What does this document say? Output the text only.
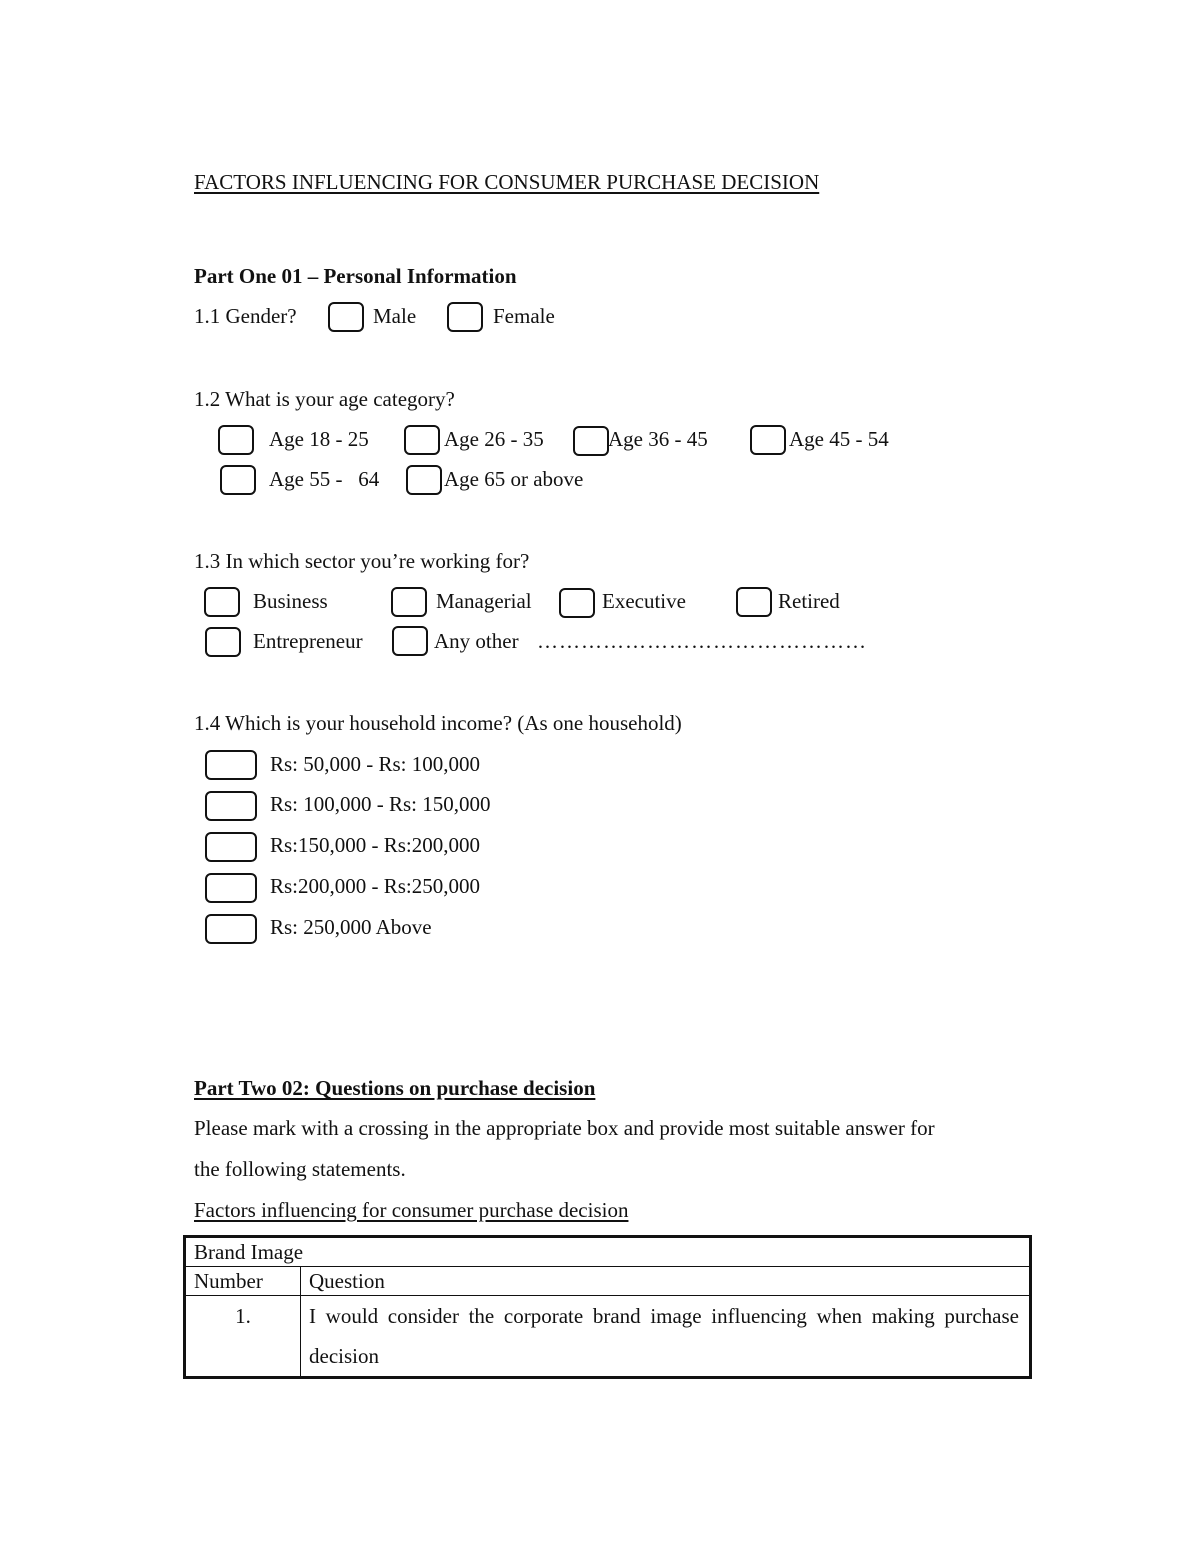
FACTORS INFLUENCING FOR CONSUMER PURCHASE DECISION
Part One 01 – Personal Information
1.1 Gender?	Male	Female
1.2 What is your age category?
Age 18 - 25	Age 26 - 35	Age 36 - 45	Age 45 - 54
Age 55 -   64	Age 65 or above
1.3 In which sector you’re working for?
Business	Managerial	Executive	Retired
Entrepreneur	Any other ………………………………………
1.4 Which is your household income? (As one household)
Rs: 50,000 - Rs: 100,000
Rs: 100,000 - Rs: 150,000
Rs:150,000 - Rs:200,000
Rs:200,000 - Rs:250,000
Rs: 250,000 Above
Part Two 02: Questions on purchase decision
Please mark with a crossing in the appropriate box and provide most suitable answer for
the following statements.
Factors influencing for consumer purchase decision
Brand Image	
Number	Question
1.	I would consider the corporate brand image influencing when making purchase decision
